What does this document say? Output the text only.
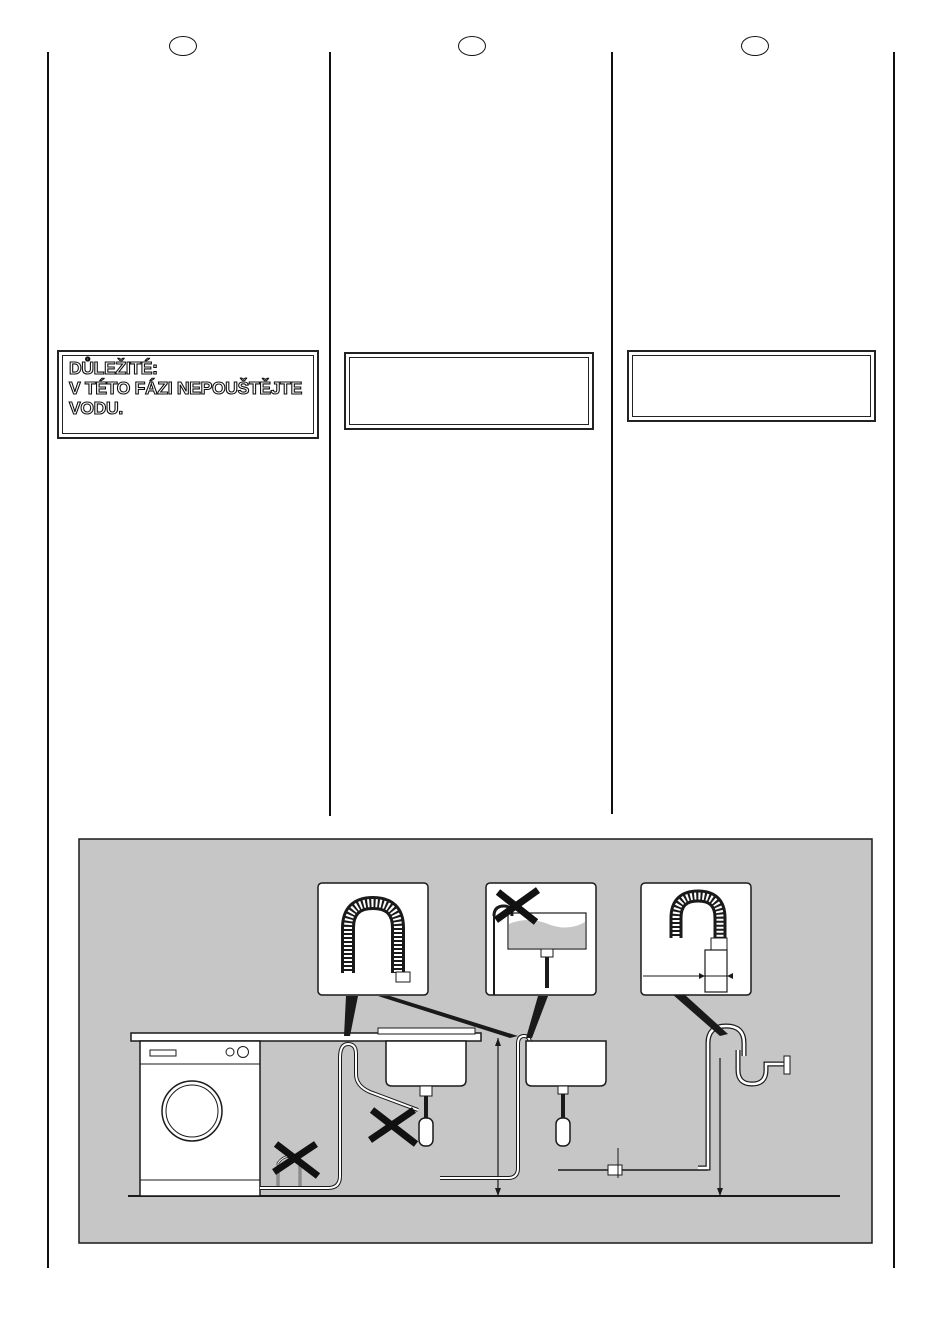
DŮLEŽITÉ:
V TÉTO FÁZI NEPOUŠTĚJTE
VODU.
